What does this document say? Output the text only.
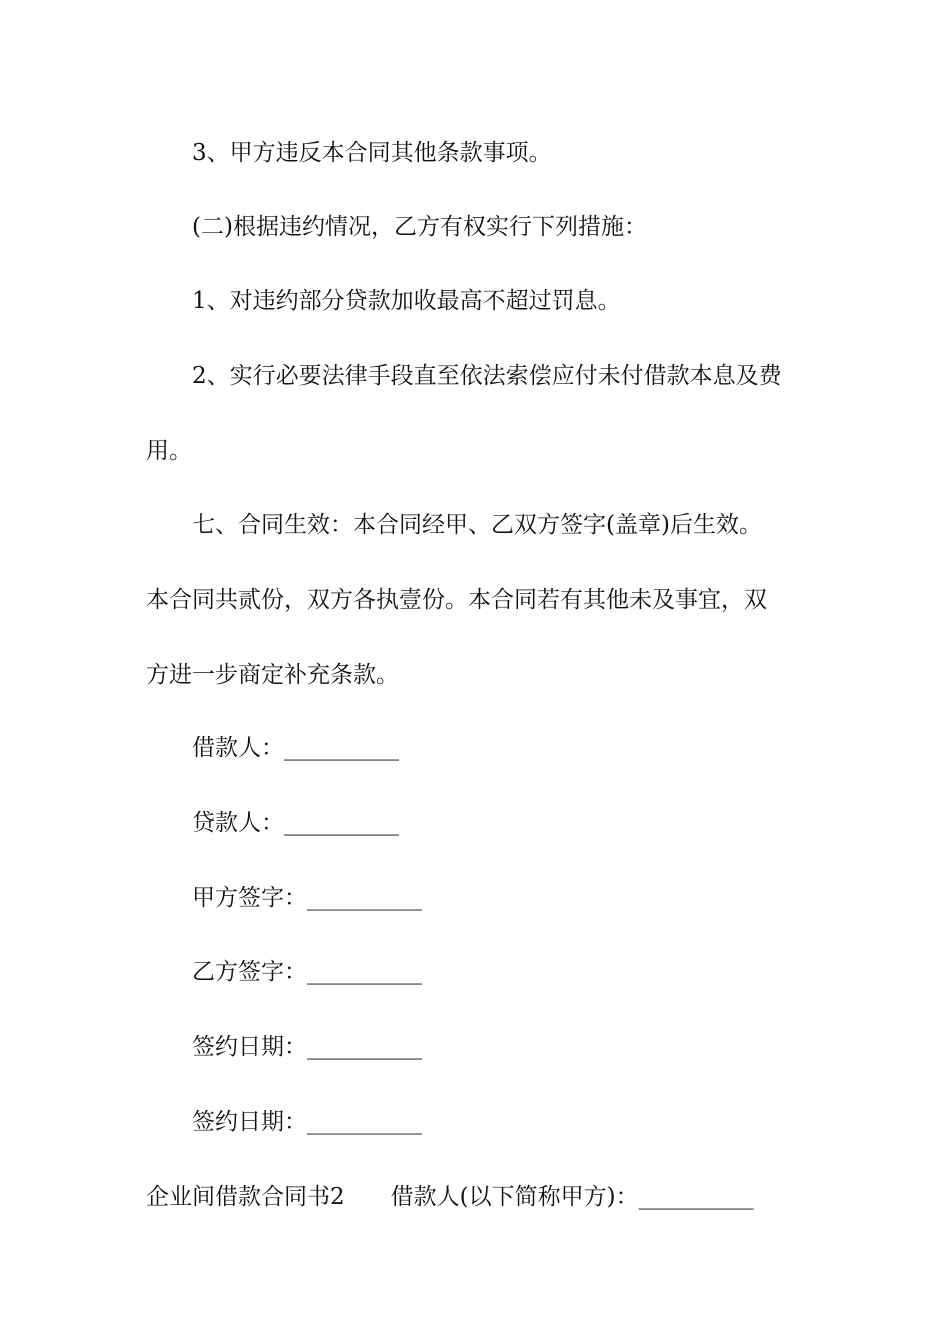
3、甲方违反本合同其他条款事项。
(二)根据违约情况，乙方有权实行下列措施：
1、对违约部分贷款加收最高不超过罚息。
2、实行必要法律手段直至依法索偿应付未付借款本息及费
用。
七、合同生效：本合同经甲、乙双方签字(盖章)后生效。
本合同共贰份，双方各执壹份。本合同若有其他未及事宜，双
方进一步商定补充条款。
借款人：__________
贷款人：__________
甲方签字：__________
乙方签字：__________
签约日期：__________
签约日期：__________
企业间借款合同书2 借款人(以下简称甲方)：__________
